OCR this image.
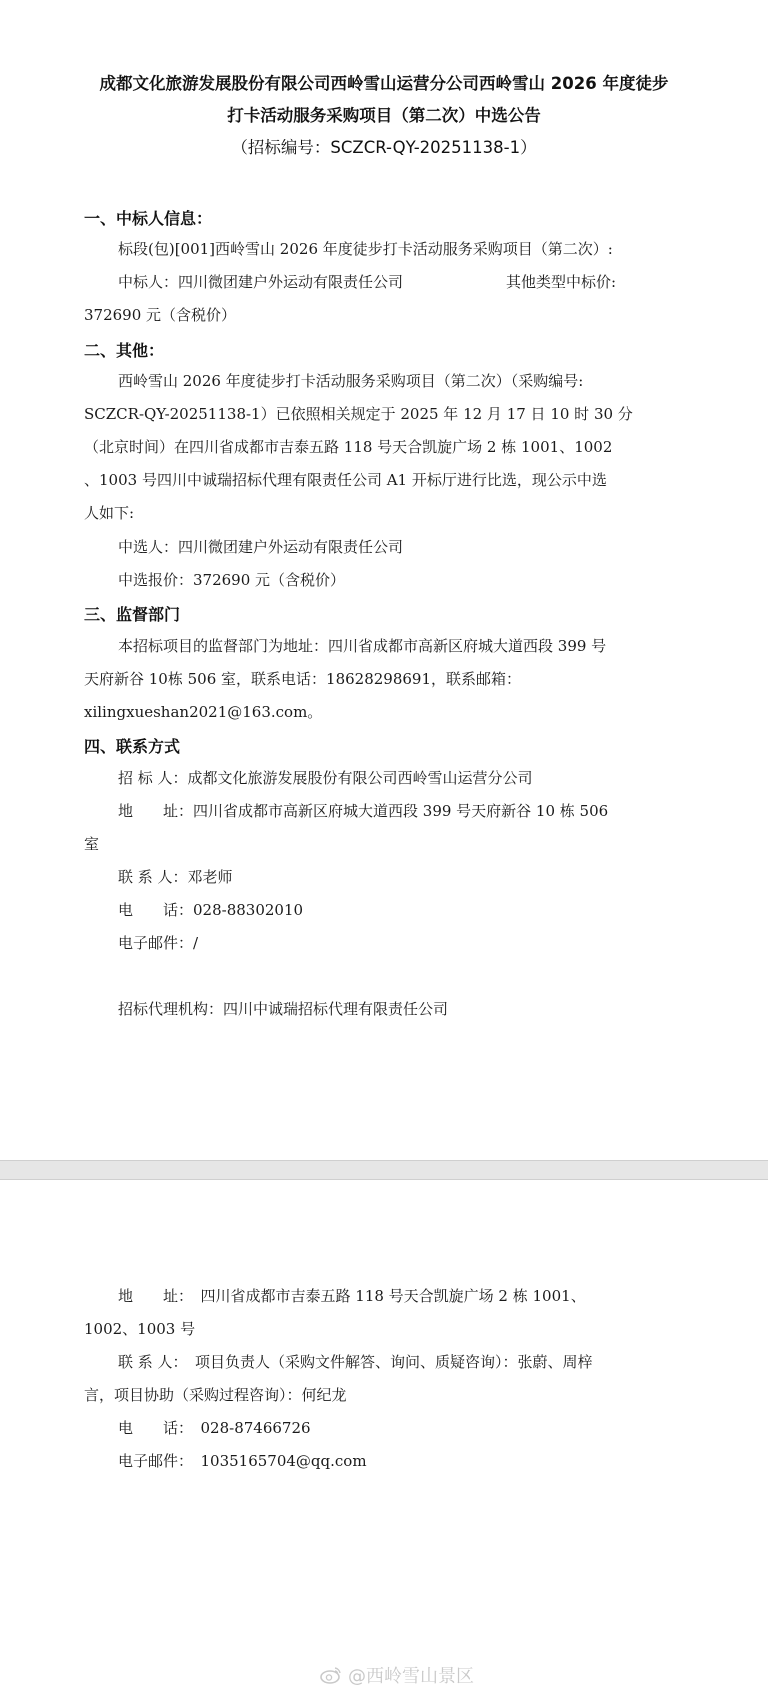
成都文化旅游发展股份有限公司西岭雪山运营分公司西岭雪山 2026 年度徒步
打卡活动服务采购项目（第二次）中选公告
（招标编号：SCZCR-QY-20251138-1）
一、中标人信息：
标段(包)[001]西岭雪山 2026 年度徒步打卡活动服务采购项目（第二次）:
中标人：四川微团建户外运动有限责任公司	其他类型中标价:
372690 元（含税价）
二、其他：
西岭雪山 2026 年度徒步打卡活动服务采购项目（第二次）（采购编号:
SCZCR-QY-20251138-1）已依照相关规定于 2025 年 12 月 17 日 10 时 30 分
（北京时间）在四川省成都市吉泰五路 118 号天合凯旋广场 2 栋 1001、1002
、1003 号四川中诚瑞招标代理有限责任公司 A1 开标厅进行比选，现公示中选
人如下:
中选人：四川微团建户外运动有限责任公司
中选报价：372690 元（含税价）
三、监督部门
本招标项目的监督部门为地址：四川省成都市高新区府城大道西段 399 号
天府新谷 10栋 506 室，联系电话：18628298691，联系邮箱：
xilingxueshan2021@163.com。
四、联系方式
招 标 人：成都文化旅游发展股份有限公司西岭雪山运营分公司
地　　址：四川省成都市高新区府城大道西段 399 号天府新谷 10 栋 506
室
联 系 人：邓老师
电　　话：028-88302010
电子邮件：/
招标代理机构：四川中诚瑞招标代理有限责任公司
地　　址：　四川省成都市吉泰五路 118 号天合凯旋广场 2 栋 1001、
1002、1003 号
联 系 人：　项目负责人（采购文件解答、询问、质疑咨询）：张蔚、周梓
言，项目协助（采购过程咨询）：何纪龙
电　　话：　028-87466726
电子邮件：　1035165704@qq.com
@西岭雪山景区
